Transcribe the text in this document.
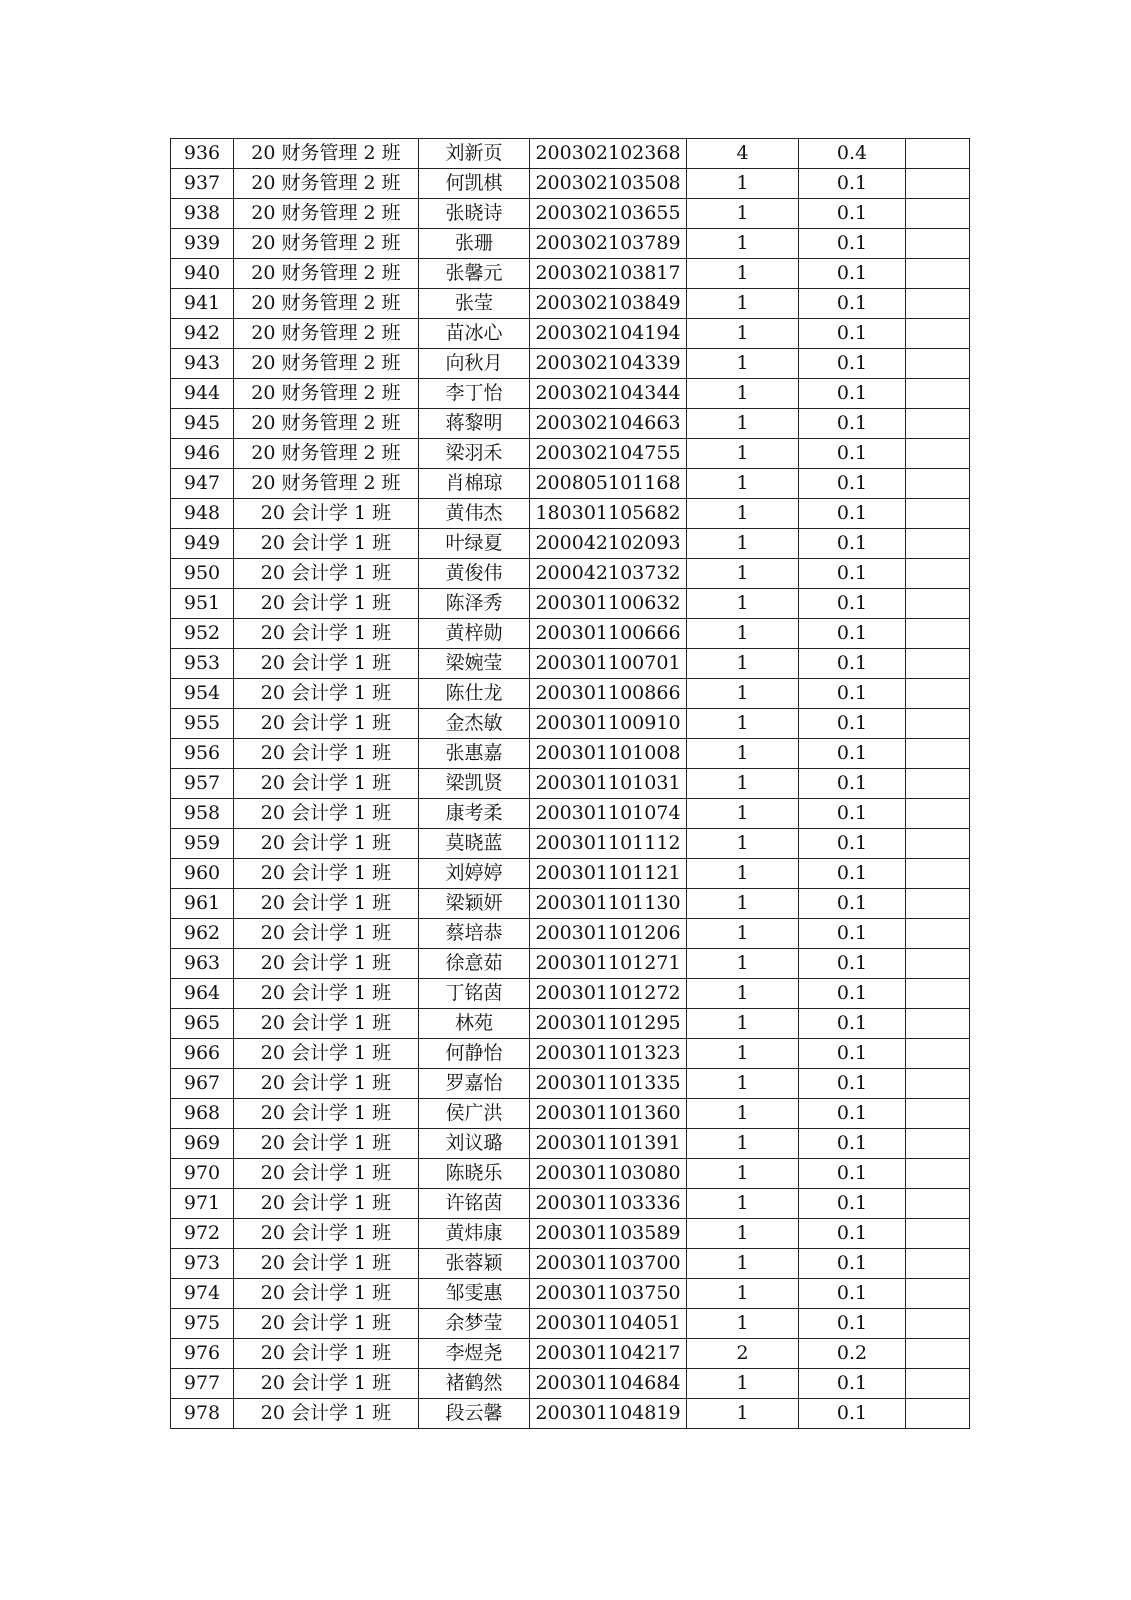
936	20 财务管理 2 班	刘新页	200302102368	4	0.4	
937	20 财务管理 2 班	何凯棋	200302103508	1	0.1	
938	20 财务管理 2 班	张晓诗	200302103655	1	0.1	
939	20 财务管理 2 班	张珊	200302103789	1	0.1	
940	20 财务管理 2 班	张馨元	200302103817	1	0.1	
941	20 财务管理 2 班	张莹	200302103849	1	0.1	
942	20 财务管理 2 班	苗冰心	200302104194	1	0.1	
943	20 财务管理 2 班	向秋月	200302104339	1	0.1	
944	20 财务管理 2 班	李丁怡	200302104344	1	0.1	
945	20 财务管理 2 班	蒋黎明	200302104663	1	0.1	
946	20 财务管理 2 班	梁羽禾	200302104755	1	0.1	
947	20 财务管理 2 班	肖棉琼	200805101168	1	0.1	
948	20 会计学 1 班	黄伟杰	180301105682	1	0.1	
949	20 会计学 1 班	叶绿夏	200042102093	1	0.1	
950	20 会计学 1 班	黄俊伟	200042103732	1	0.1	
951	20 会计学 1 班	陈泽秀	200301100632	1	0.1	
952	20 会计学 1 班	黄梓勋	200301100666	1	0.1	
953	20 会计学 1 班	梁婉莹	200301100701	1	0.1	
954	20 会计学 1 班	陈仕龙	200301100866	1	0.1	
955	20 会计学 1 班	金杰敏	200301100910	1	0.1	
956	20 会计学 1 班	张惠嘉	200301101008	1	0.1	
957	20 会计学 1 班	梁凯贤	200301101031	1	0.1	
958	20 会计学 1 班	康考柔	200301101074	1	0.1	
959	20 会计学 1 班	莫晓蓝	200301101112	1	0.1	
960	20 会计学 1 班	刘婷婷	200301101121	1	0.1	
961	20 会计学 1 班	梁颖妍	200301101130	1	0.1	
962	20 会计学 1 班	蔡培恭	200301101206	1	0.1	
963	20 会计学 1 班	徐意茹	200301101271	1	0.1	
964	20 会计学 1 班	丁铭茵	200301101272	1	0.1	
965	20 会计学 1 班	林苑	200301101295	1	0.1	
966	20 会计学 1 班	何静怡	200301101323	1	0.1	
967	20 会计学 1 班	罗嘉怡	200301101335	1	0.1	
968	20 会计学 1 班	侯广洪	200301101360	1	0.1	
969	20 会计学 1 班	刘议璐	200301101391	1	0.1	
970	20 会计学 1 班	陈晓乐	200301103080	1	0.1	
971	20 会计学 1 班	许铭茵	200301103336	1	0.1	
972	20 会计学 1 班	黄炜康	200301103589	1	0.1	
973	20 会计学 1 班	张蓉颖	200301103700	1	0.1	
974	20 会计学 1 班	邹雯惠	200301103750	1	0.1	
975	20 会计学 1 班	余梦莹	200301104051	1	0.1	
976	20 会计学 1 班	李煜尧	200301104217	2	0.2	
977	20 会计学 1 班	褚鹤然	200301104684	1	0.1	
978	20 会计学 1 班	段云馨	200301104819	1	0.1	
